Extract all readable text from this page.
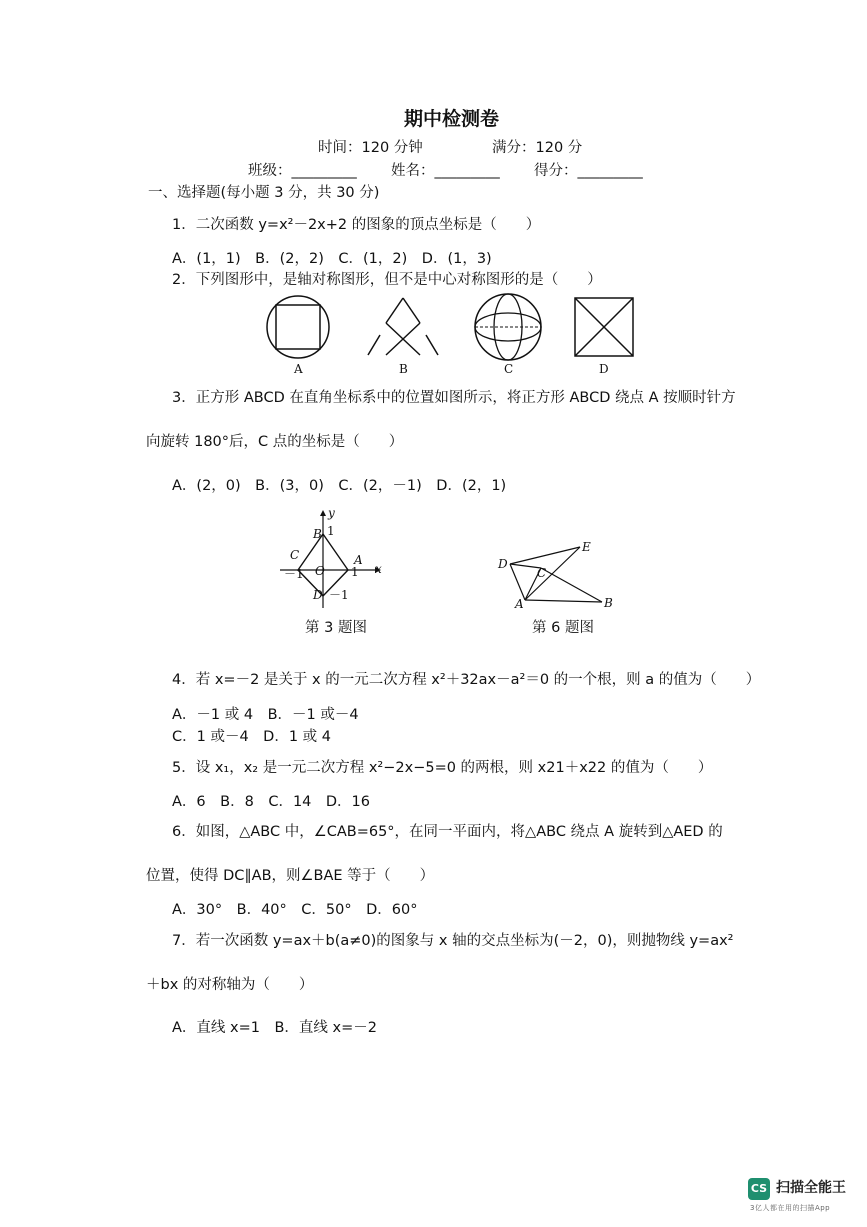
期中检测卷
时间：120 分钟	满分：120 分
班级：_________ 姓名：_________ 得分：_________
一、选择题(每小题 3 分，共 30 分)
1．二次函数 y=x²－2x+2 的图象的顶点坐标是（　　）
A．(1，1)　B．(2，2)　C．(1，2)　D．(1，3)
2．下列图形中，是轴对称图形，但不是中心对称图形的是（　　）
A	B	C	D
3．正方形 ABCD 在直角坐标系中的位置如图所示，将正方形 ABCD 绕点 A 按顺时针方
向旋转 180°后，C 点的坐标是（　　）
A．(2，0)　B．(3，0)　C．(2，－1)　D．(2，1)
y
x
B 1
C	A
O
－1	1
D －1
第 3 题图
D
E
C
A	B
第 6 题图
4．若 x=－2 是关于 x 的一元二次方程 x²＋32ax－a²＝0 的一个根，则 a 的值为（　　）
A．－1 或 4　B．－1 或－4
C．1 或－4　D．1 或 4
5．设 x₁，x₂ 是一元二次方程 x²−2x−5=0 的两根，则 x21＋x22 的值为（　　）
A．6　B．8　C．14　D．16
6．如图，△ABC 中，∠CAB=65°，在同一平面内，将△ABC 绕点 A 旋转到△AED 的
位置，使得 DC∥AB，则∠BAE 等于（　　）
A．30°　B．40°　C．50°　D．60°
7．若一次函数 y=ax＋b(a≠0)的图象与 x 轴的交点坐标为(－2，0)，则抛物线 y=ax²
＋bx 的对称轴为（　　）
A．直线 x=1　B．直线 x=－2
CS 扫描全能王
3亿人都在用的扫描App
